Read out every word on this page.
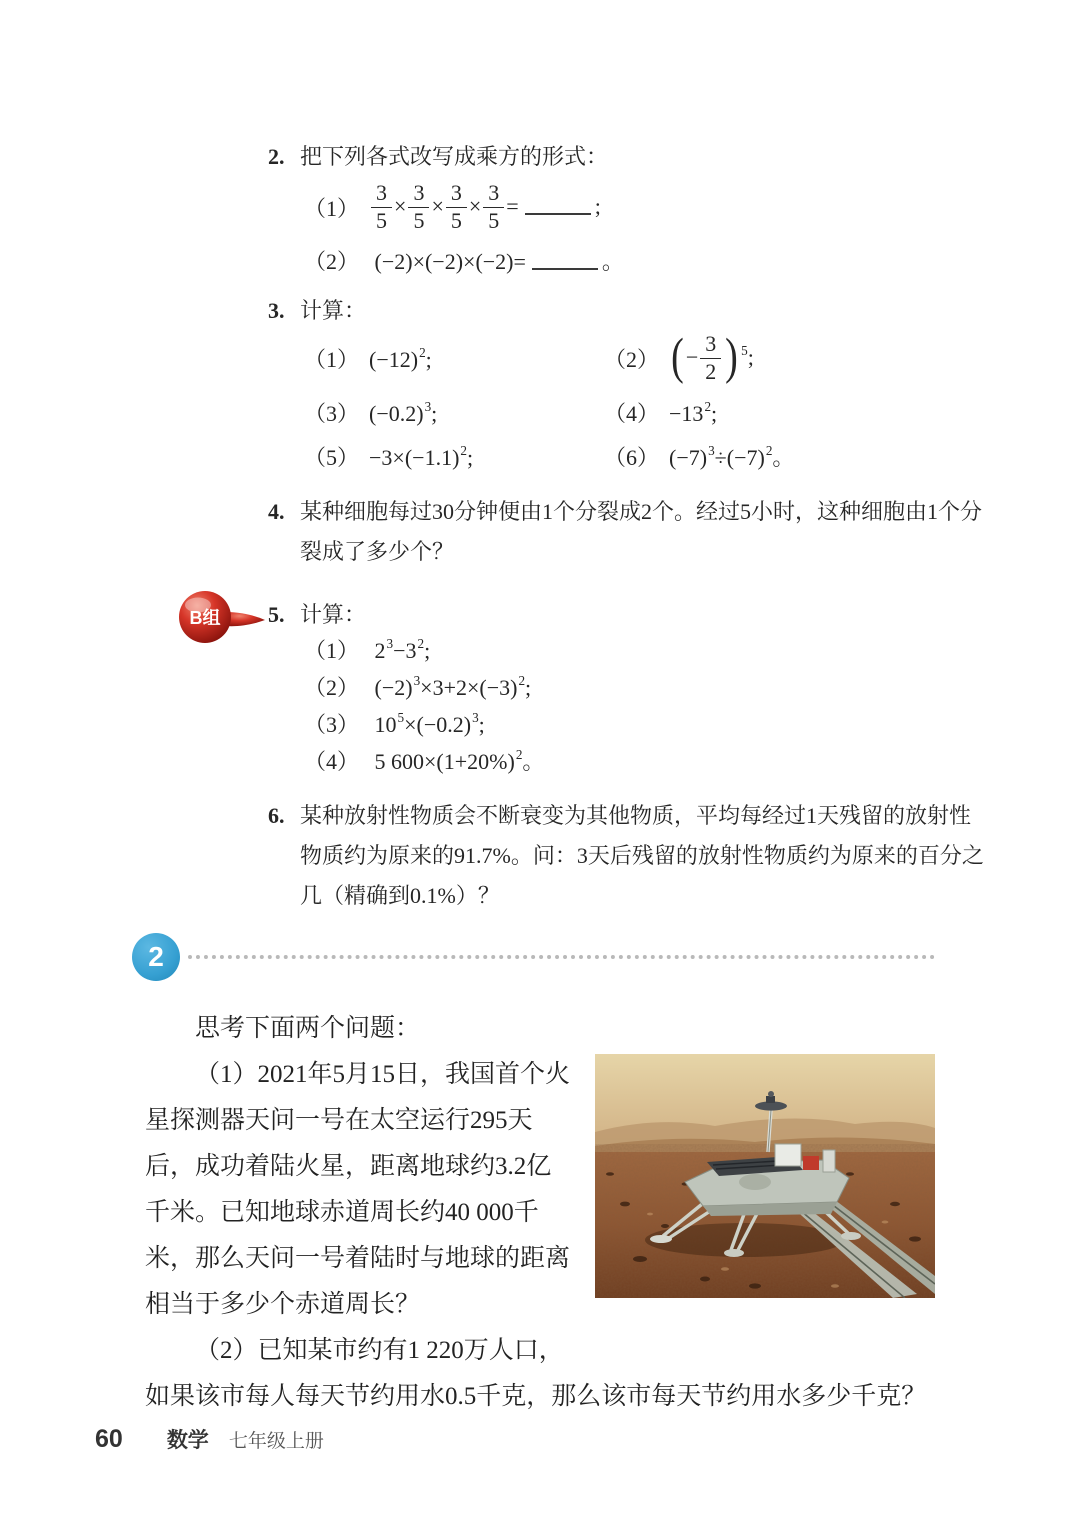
2. 把下列各式改写成乘方的形式：
$(1) \frac{3}{5} \times \frac{3}{5} \times \frac{3}{5} \times \frac{3}{5}$ =	;
（2） (−2)×(−2)×(−2)=	。
3. 计算：
（1） $(-12)^2$;	（2） (− $\frac{3}{2}$ ) $^5$;
（3） $(-0.2)^3$;	$(4) -13^2$;
$(5) -3\times(-1.1)^2$;	（6） $(-7)^3\div(-7)^2$。
4. 某种细胞每过30分钟便由1个分裂成2个。经过5小时，这种细胞由1个分裂成了多少个？
B组 5. 计算：
（1） $2^3-3^2$;
（2） $(-2)^3\times 3+2\times(-3)^2$;
（3） $10^5\times(-0.2)^3$;
（4） 5 $600\times(1+20\%)^2$。
6. 某种放射性物质会不断衰变为其他物质，平均每经过1天残留的放射性物质约为原来的91.7%。问：3天后残留的放射性物质约为原来的百分之几（精确到0.1%）？
2

思考下面两个问题：

（1）2021年5月15日，我国首个火星探测器天问一号在太空运行295天后，成功着陆火星，距离地球约3.2亿千米。已知地球赤道周长约40 000千米，那么天问一号着陆时与地球的距离相当于多少个赤道周长？

（2）已知某市约有1 220万人口，

如果该市每人每天节约用水0.5千克，那么该市每天节约用水多少千克？

60 数学 七年级上册
